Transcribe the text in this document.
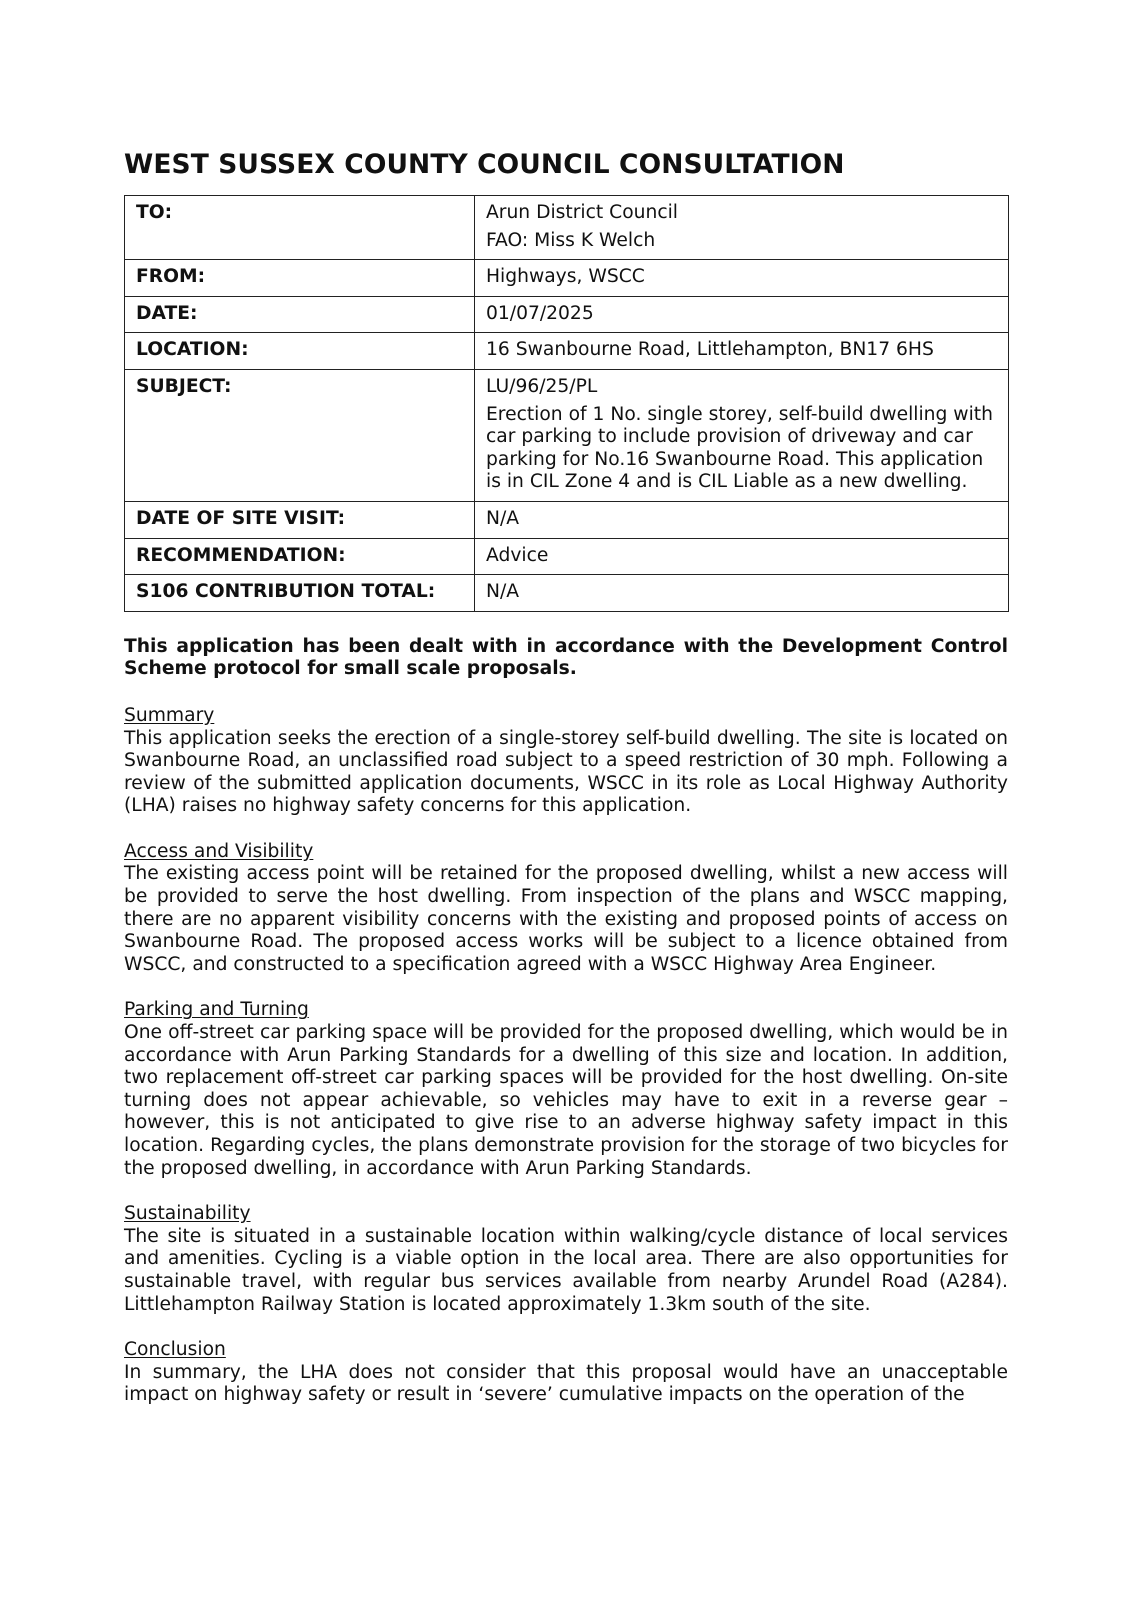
WEST SUSSEX COUNTY COUNCIL CONSULTATION
TO:	Arun District Council
FAO: Miss K Welch

FROM:	Highways, WSCC
DATE:	01/07/2025
LOCATION:	16 Swanbourne Road, Littlehampton, BN17 6HS
SUBJECT:	LU/96/25/PL
Erection of 1 No. single storey, self-build dwelling with car parking to include provision of driveway and car parking for No.16 Swanbourne Road. This application is in CIL Zone 4 and is CIL Liable as a new dwelling.

DATE OF SITE VISIT:	N/A
RECOMMENDATION:	Advice
S106 CONTRIBUTION TOTAL:	N/A

This application has been dealt with in accordance with the Development Control Scheme protocol for small scale proposals.

Summary
This application seeks the erection of a single-storey self-build dwelling. The site is located on Swanbourne Road, an unclassified road subject to a speed restriction of 30 mph. Following a review of the submitted application documents, WSCC in its role as Local Highway Authority (LHA) raises no highway safety concerns for this application.
Access and Visibility
The existing access point will be retained for the proposed dwelling, whilst a new access will be provided to serve the host dwelling. From inspection of the plans and WSCC mapping, there are no apparent visibility concerns with the existing and proposed points of access on Swanbourne Road. The proposed access works will be subject to a licence obtained from WSCC, and constructed to a specification agreed with a WSCC Highway Area Engineer.
Parking and Turning
One off-street car parking space will be provided for the proposed dwelling, which would be in accordance with Arun Parking Standards for a dwelling of this size and location. In addition, two replacement off-street car parking spaces will be provided for the host dwelling. On-site turning does not appear achievable, so vehicles may have to exit in a reverse gear – however, this is not anticipated to give rise to an adverse highway safety impact in this location. Regarding cycles, the plans demonstrate provision for the storage of two bicycles for the proposed dwelling, in accordance with Arun Parking Standards.
Sustainability
The site is situated in a sustainable location within walking/cycle distance of local services and amenities. Cycling is a viable option in the local area. There are also opportunities for sustainable travel, with regular bus services available from nearby Arundel Road (A284). Littlehampton Railway Station is located approximately 1.3km south of the site.
Conclusion
In summary, the LHA does not consider that this proposal would have an unacceptable impact on highway safety or result in ‘severe’ cumulative impacts on the operation of the
